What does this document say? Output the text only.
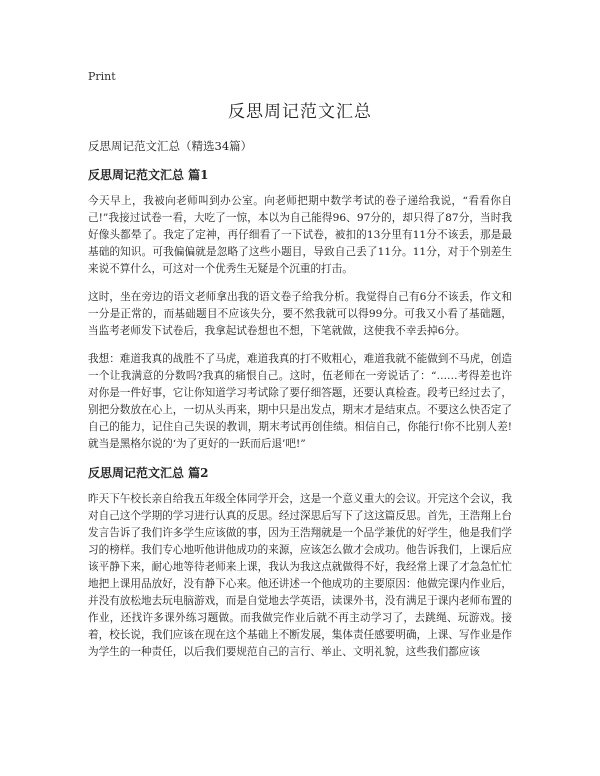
Print
反思周记范文汇总

反思周记范文汇总（精选34篇）

反思周记范文汇总 篇1

今天早上，我被向老师叫到办公室。向老师把期中数学考试的卷子递给我说，“看看你自己!”我接过试卷一看，大吃了一惊，本以为自己能得96、97分的，却只得了87分，当时我好像头都晕了。我定了定神，再仔细看了一下试卷，被扣的13分里有11分不该丢，那是最基础的知识。可我偏偏就是忽略了这些小题目，导致自己丢了11分。11分，对于个别差生来说不算什么，可这对一个优秀生无疑是个沉重的打击。

这时，坐在旁边的语文老师拿出我的语文卷子给我分析。我觉得自己有6分不该丢，作文和一分是正常的，而基础题目不应该失分，要不然我就可以得99分。可我又小看了基础题，当监考老师发下试卷后，我拿起试卷想也不想，下笔就做，这使我不幸丢掉6分。

我想：难道我真的战胜不了马虎，难道我真的打不败粗心，难道我就不能做到不马虎，创造一个让我满意的分数吗?我真的痛恨自己。这时，伍老师在一旁说话了：“……考得差也许对你是一件好事，它让你知道学习考试除了要仔细答题，还要认真检查。段考已经过去了，别把分数放在心上，一切从头再来，期中只是出发点，期末才是结束点。不要这么快否定了自己的能力，记住自己失误的教训，期末考试再创佳绩。相信自己，你能行!你不比别人差!就当是黑格尔说的‘为了更好的一跃而后退’吧!”

反思周记范文汇总 篇2

昨天下午校长亲自给我五年级全体同学开会，这是一个意义重大的会议。开完这个会议，我对自己这个学期的学习进行认真的反思。经过深思后写下了这这篇反思。首先，王浩翔上台发言告诉了我们许多学生应该做的事，因为王浩翔就是一个品学兼优的好学生，他是我们学习的榜样。我们专心地听他讲他成功的来源，应该怎么做才会成功。他告诉我们，上课后应该平静下来，耐心地等待老师来上课，我认为我这点就做得不好，我经常上课了才急急忙忙地把上课用品放好，没有静下心来。他还讲述一个他成功的主要原因：他做完课内作业后，并没有放松地去玩电脑游戏，而是自觉地去学英语，读课外书，没有满足于课内老师布置的作业，还找许多课外练习题做。而我做完作业后就不再主动学习了，去跳绳、玩游戏。接着，校长说，我们应该在现在这个基础上不断发展，集体责任感要明确，上课、写作业是作为学生的一种责任，以后我们要规范自己的言行、举止、文明礼貌，这些我们都应该
